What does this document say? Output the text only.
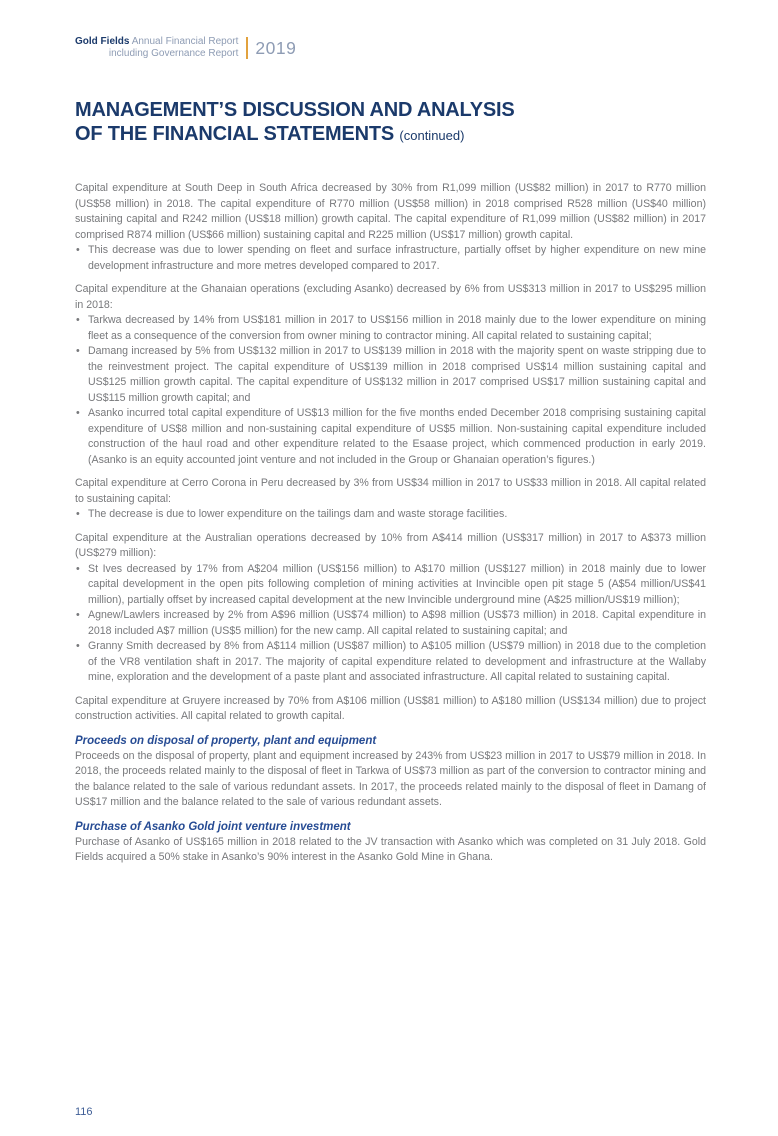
Gold Fields Annual Financial Report
including Governance Report 2019
MANAGEMENT’S DISCUSSION AND ANALYSIS
OF THE FINANCIAL STATEMENTS (continued)

Capital expenditure at South Deep in South Africa decreased by 30% from R1,099 million (US$82 million) in 2017 to R770 million (US$58 million) in 2018. The capital expenditure of R770 million (US$58 million) in 2018 comprised R528 million (US$40 million) sustaining capital and R242 million (US$18 million) growth capital. The capital expenditure of R1,099 million (US$82 million) in 2017 comprised R874 million (US$66 million) sustaining capital and R225 million (US$17 million) growth capital.

• This decrease was due to lower spending on fleet and surface infrastructure, partially offset by higher expenditure on new mine development infrastructure and more metres developed compared to 2017.

Capital expenditure at the Ghanaian operations (excluding Asanko) decreased by 6% from US$313 million in 2017 to US$295 million in 2018:

• Tarkwa decreased by 14% from US$181 million in 2017 to US$156 million in 2018 mainly due to the lower expenditure on mining fleet as a consequence of the conversion from owner mining to contractor mining. All capital related to sustaining capital;
• Damang increased by 5% from US$132 million in 2017 to US$139 million in 2018 with the majority spent on waste stripping due to the reinvestment project. The capital expenditure of US$139 million in 2018 comprised US$14 million sustaining capital and US$125 million growth capital. The capital expenditure of US$132 million in 2017 comprised US$17 million sustaining capital and US$115 million growth capital; and
• Asanko incurred total capital expenditure of US$13 million for the five months ended December 2018 comprising sustaining capital expenditure of US$8 million and non-sustaining capital expenditure of US$5 million. Non-sustaining capital expenditure included construction of the haul road and other expenditure related to the Esaase project, which commenced production in early 2019. (Asanko is an equity accounted joint venture and not included in the Group or Ghanaian operation’s figures.)

Capital expenditure at Cerro Corona in Peru decreased by 3% from US$34 million in 2017 to US$33 million in 2018. All capital related to sustaining capital:

• The decrease is due to lower expenditure on the tailings dam and waste storage facilities.

Capital expenditure at the Australian operations decreased by 10% from A$414 million (US$317 million) in 2017 to A$373 million (US$279 million):

• St Ives decreased by 17% from A$204 million (US$156 million) to A$170 million (US$127 million) in 2018 mainly due to lower capital development in the open pits following completion of mining activities at Invincible open pit stage 5 (A$54 million/US$41 million), partially offset by increased capital development at the new Invincible underground mine (A$25 million/US$19 million);
• Agnew/Lawlers increased by 2% from A$96 million (US$74 million) to A$98 million (US$73 million) in 2018. Capital expenditure in 2018 included A$7 million (US$5 million) for the new camp. All capital related to sustaining capital; and
• Granny Smith decreased by 8% from A$114 million (US$87 million) to A$105 million (US$79 million) in 2018 due to the completion of the VR8 ventilation shaft in 2017. The majority of capital expenditure related to development and infrastructure at the Wallaby mine, exploration and the development of a paste plant and associated infrastructure. All capital related to sustaining capital.

Capital expenditure at Gruyere increased by 70% from A$106 million (US$81 million) to A$180 million (US$134 million) due to project construction activities. All capital related to growth capital.

Proceeds on disposal of property, plant and equipment

Proceeds on the disposal of property, plant and equipment increased by 243% from US$23 million in 2017 to US$79 million in 2018. In 2018, the proceeds related mainly to the disposal of fleet in Tarkwa of US$73 million as part of the conversion to contractor mining and the balance related to the sale of various redundant assets. In 2017, the proceeds related mainly to the disposal of fleet in Damang of US$17 million and the balance related to the sale of various redundant assets.

Purchase of Asanko Gold joint venture investment

Purchase of Asanko of US$165 million in 2018 related to the JV transaction with Asanko which was completed on 31 July 2018. Gold Fields acquired a 50% stake in Asanko’s 90% interest in the Asanko Gold Mine in Ghana.

116
